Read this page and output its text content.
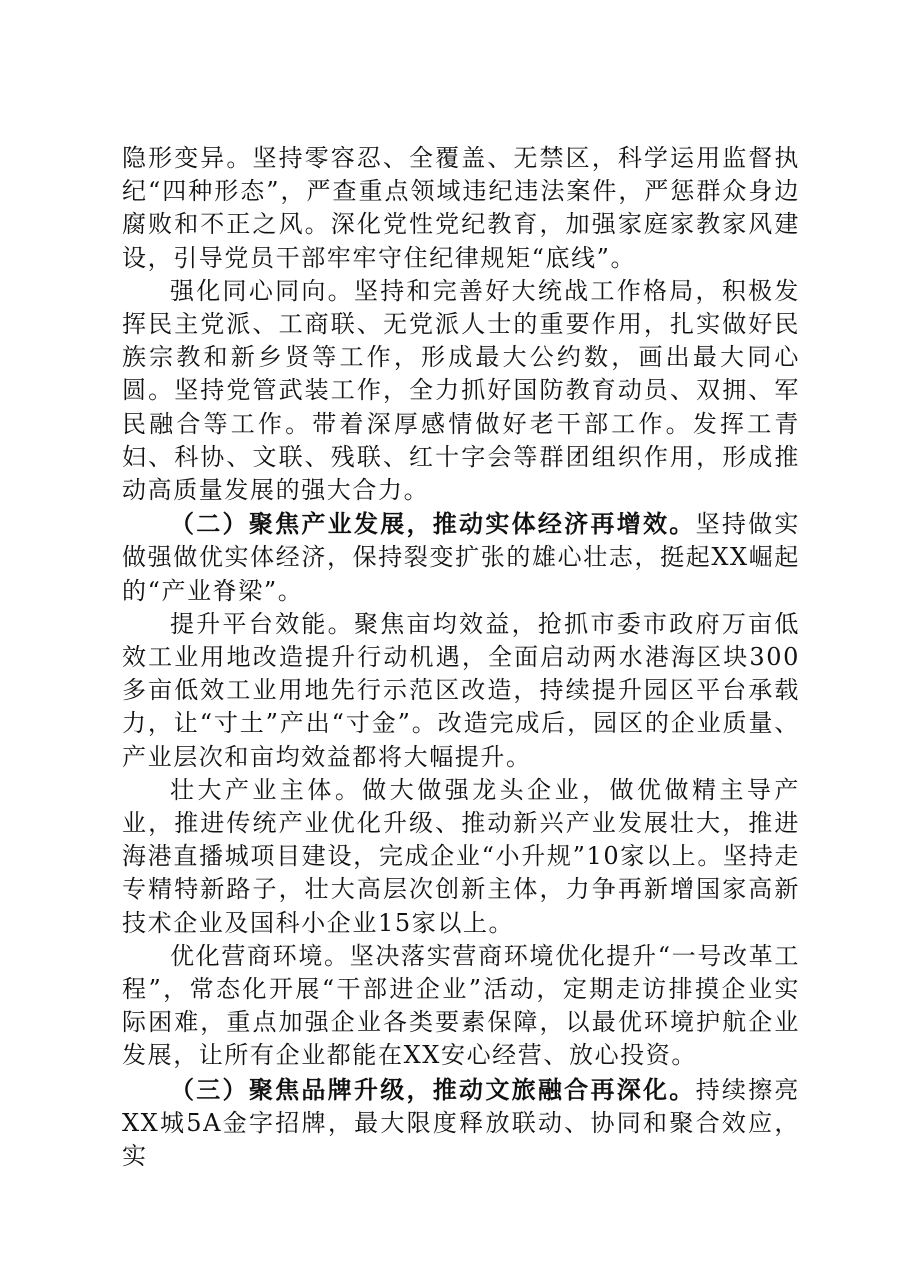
隐形变异。坚持零容忍、全覆盖、无禁区，科学运用监督执纪“四种形态”，严查重点领域违纪违法案件，严惩群众身边腐败和不正之风。深化党性党纪教育，加强家庭家教家风建设，引导党员干部牢牢守住纪律规矩“底线”。

强化同心同向。坚持和完善好大统战工作格局，积极发挥民主党派、工商联、无党派人士的重要作用，扎实做好民族宗教和新乡贤等工作，形成最大公约数，画出最大同心圆。坚持党管武装工作，全力抓好国防教育动员、双拥、军民融合等工作。带着深厚感情做好老干部工作。发挥工青妇、科协、文联、残联、红十字会等群团组织作用，形成推动高质量发展的强大合力。

（二）聚焦产业发展，推动实体经济再增效。坚持做实做强做优实体经济，保持裂变扩张的雄心壮志，挺起XX崛起的“产业脊梁”。

提升平台效能。聚焦亩均效益，抢抓市委市政府万亩低效工业用地改造提升行动机遇，全面启动两水港海区块300多亩低效工业用地先行示范区改造，持续提升园区平台承载力，让“寸土”产出“寸金”。改造完成后，园区的企业质量、产业层次和亩均效益都将大幅提升。

壮大产业主体。做大做强龙头企业，做优做精主导产业，推进传统产业优化升级、推动新兴产业发展壮大，推进海港直播城项目建设，完成企业“小升规”10家以上。坚持走专精特新路子，壮大高层次创新主体，力争再新增国家高新技术企业及国科小企业15家以上。

优化营商环境。坚决落实营商环境优化提升“一号改革工程”，常态化开展“干部进企业”活动，定期走访排摸企业实际困难，重点加强企业各类要素保障，以最优环境护航企业发展，让所有企业都能在XX安心经营、放心投资。

（三）聚焦品牌升级，推动文旅融合再深化。持续擦亮XX城5A金字招牌，最大限度释放联动、协同和聚合效应，实
